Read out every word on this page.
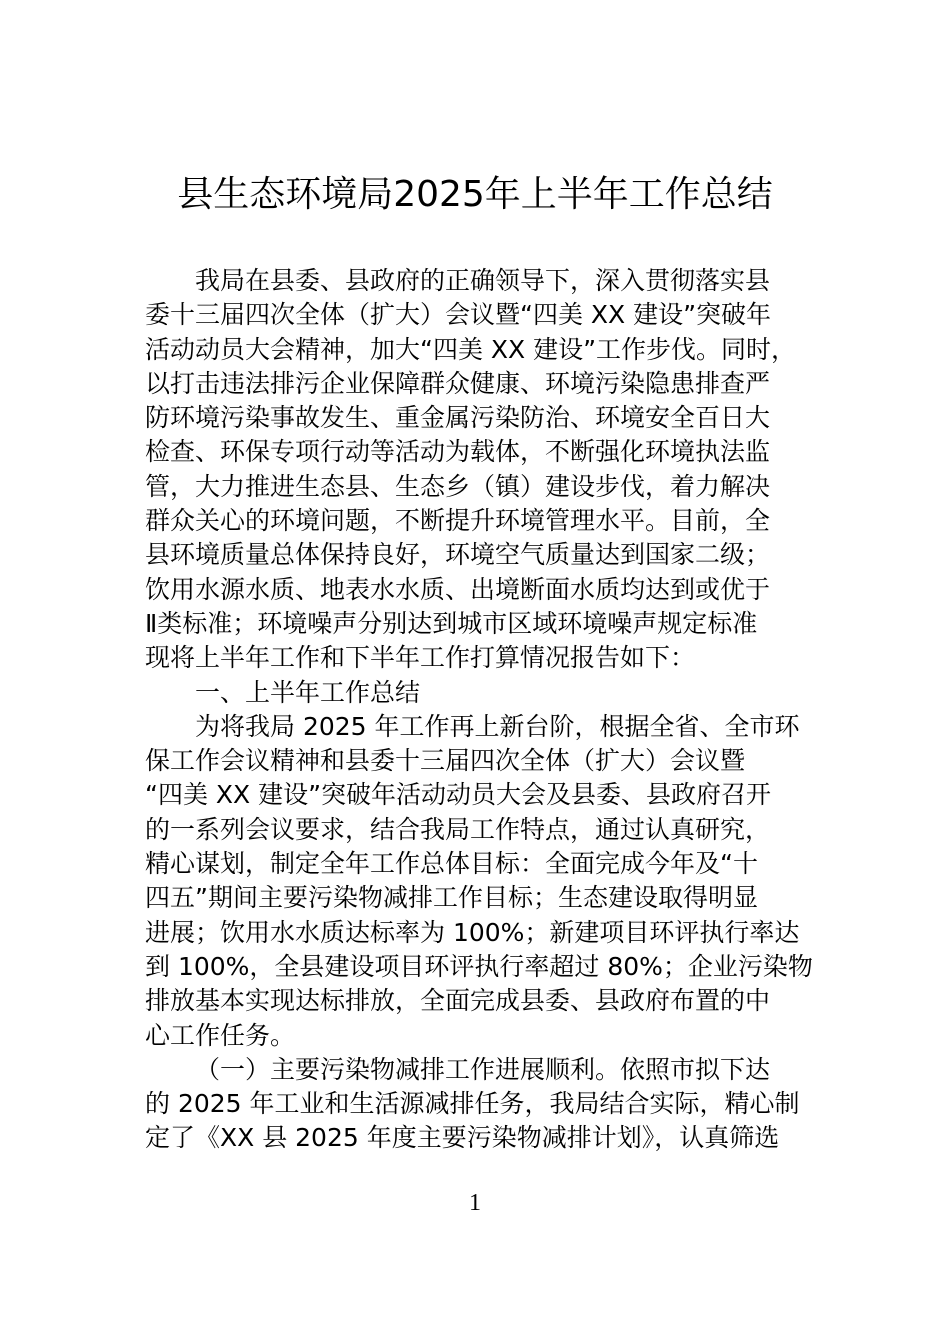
县生态环境局2025年上半年工作总结
我局在县委、县政府的正确领导下，深入贯彻落实县
委十三届四次全体（扩大）会议暨“四美 XX 建设”突破年
活动动员大会精神，加大“四美 XX 建设”工作步伐。同时，
以打击违法排污企业保障群众健康、环境污染隐患排查严
防环境污染事故发生、重金属污染防治、环境安全百日大
检查、环保专项行动等活动为载体，不断强化环境执法监
管，大力推进生态县、生态乡（镇）建设步伐，着力解决
群众关心的环境问题，不断提升环境管理水平。目前，全
县环境质量总体保持良好，环境空气质量达到国家二级；
饮用水源水质、地表水水质、出境断面水质均达到或优于
Ⅱ类标准；环境噪声分别达到城市区域环境噪声规定标准
现将上半年工作和下半年工作打算情况报告如下：
一、上半年工作总结
为将我局 2025 年工作再上新台阶，根据全省、全市环
保工作会议精神和县委十三届四次全体（扩大）会议暨
“四美 XX 建设”突破年活动动员大会及县委、县政府召开
的一系列会议要求，结合我局工作特点，通过认真研究，
精心谋划，制定全年工作总体目标：全面完成今年及“十
四五”期间主要污染物减排工作目标；生态建设取得明显
进展；饮用水水质达标率为 100%；新建项目环评执行率达
到 100%，全县建设项目环评执行率超过 80%；企业污染物
排放基本实现达标排放，全面完成县委、县政府布置的中
心工作任务。
（一）主要污染物减排工作进展顺利。依照市拟下达
的 2025 年工业和生活源减排任务，我局结合实际，精心制
定了《XX 县 2025 年度主要污染物减排计划》，认真筛选
1
